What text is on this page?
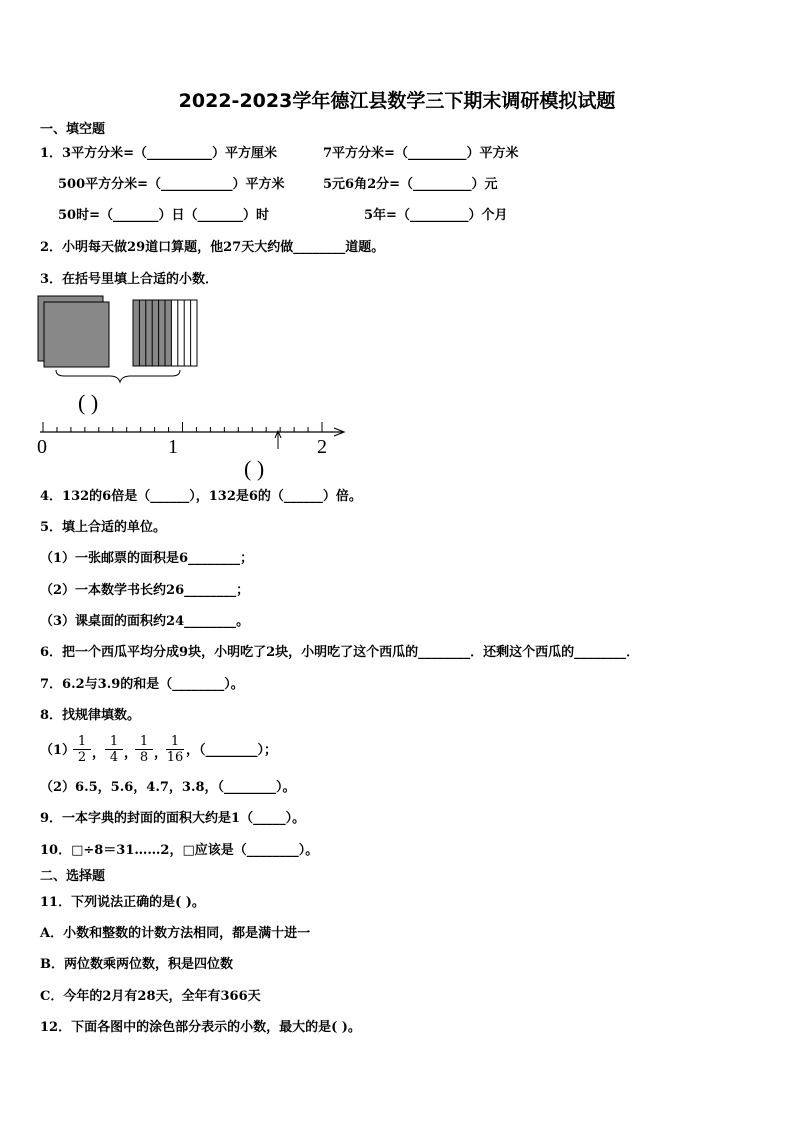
2022-2023学年德江县数学三下期末调研模拟试题
一、填空题
1．3平方分米=（__________）平方厘米	7平方分米=（_________）平方米
500平方分米=（___________）平方米	5元6角2分=（_________）元
50时=（_______）日（_______）时	5年=（_________）个月
2．小明每天做29道口算题，他27天大约做________道题。
3．在括号里填上合适的小数．
( )
0	1	2
( )
4．132的6倍是（______），132是6的（______）倍。
5．填上合适的单位。
（1）一张邮票的面积是6________；
（2）一本数学书长约26________；
（3）课桌面的面积约24________。
6．把一个西瓜平均分成9块，小明吃了2块，小明吃了这个西瓜的________．还剩这个西瓜的________．
7．6.2与3.9的和是（________）。
8．找规律填数。
（1）
$\frac{1}{2}$ ， $\frac{1}{4}$ ，
$\frac{1}{8}$ ，
$\frac{1}{16}$ ，（________）；
（2）6.5，5.6，4.7，3.8，（________）。
9．一本字典的封面的面积大约是1（_____）。
10．□÷8＝31……2，□应该是（________）。
二、选择题
11．下列说法正确的是( )。
A．小数和整数的计数方法相同，都是满十进一
B．两位数乘两位数，积是四位数
C．今年的2月有28天，全年有366天
12．下面各图中的涂色部分表示的小数，最大的是( )。
